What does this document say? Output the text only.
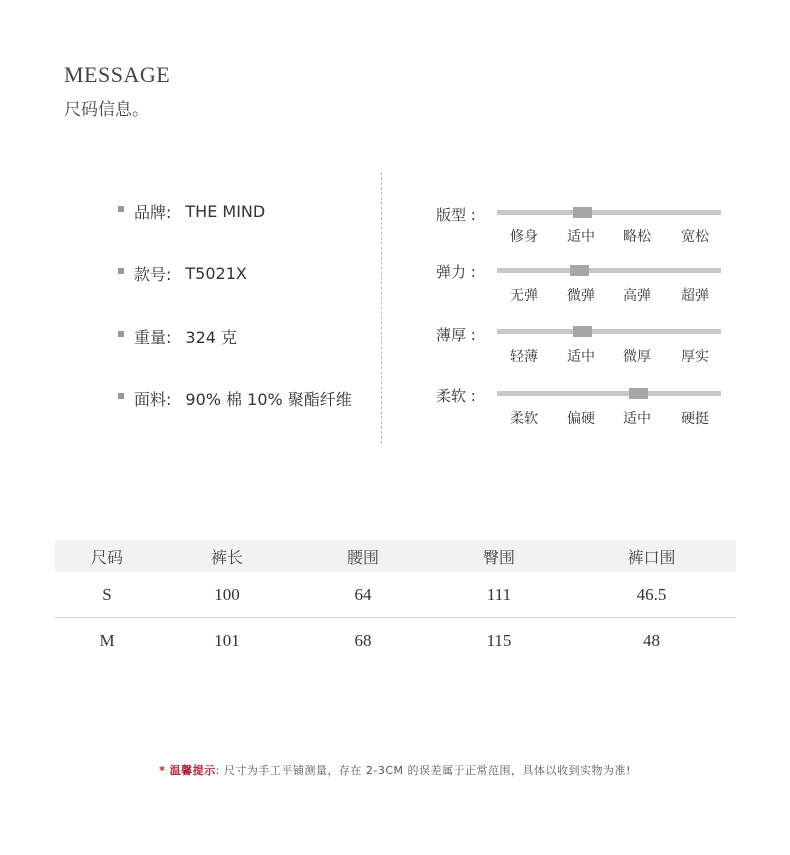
MESSAGE
尺码信息。
品牌: THE MIND
款号: T5021X
重量: 324 克
面料: 90% 棉 10% 聚酯纤维
版型 :
修身	适中	略松	宽松
弹力 :
无弹	微弹	高弹	超弹
薄厚 :
轻薄	适中	微厚	厚实
柔软 :
柔软	偏硬	适中	硬挺
尺码	裤长	腰围	臀围	裤口围
S	100	64	111	46.5
M	101	68	115	48
* 温馨提示: 尺寸为手工平铺测量，存在 2-3CM 的误差属于正常范围，具体以收到实物为准!
